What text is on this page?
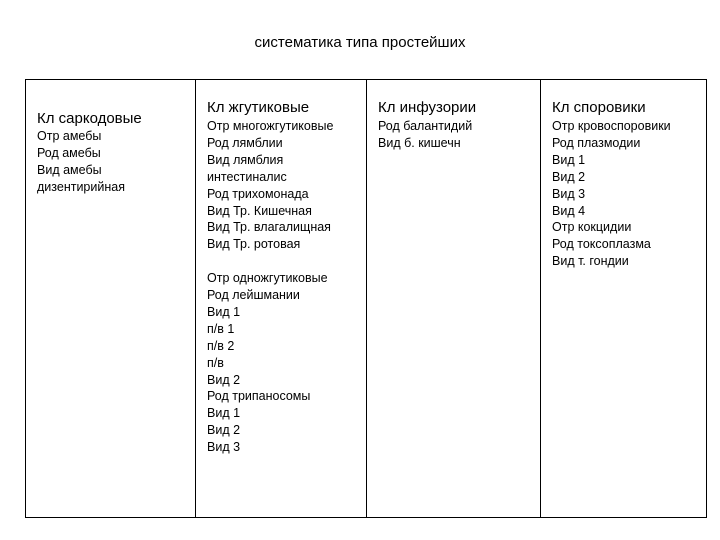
систематика типа простейших
Кл саркодовые
Отр амебы
Род амебы
Вид амебы
дизентирийная
Кл жгутиковые
Отр многожгутиковые
Род лямблии
Вид лямблия
интестиналис
Род трихомонада
Вид Тр. Кишечная
Вид Тр. влагалищная
Вид Тр. ротовая
Отр одножгутиковые
Род лейшмании
Вид 1
п/в 1
п/в 2
п/в
Вид 2
Род трипаносомы
Вид 1
Вид 2
Вид 3
Кл инфузории
Род балантидий
Вид б. кишечн
Кл споровики
Отр кровоспоровики
Род плазмодии
Вид 1
Вид 2
Вид 3
Вид 4
Отр кокцидии
Род токсоплазма
Вид т. гондии
